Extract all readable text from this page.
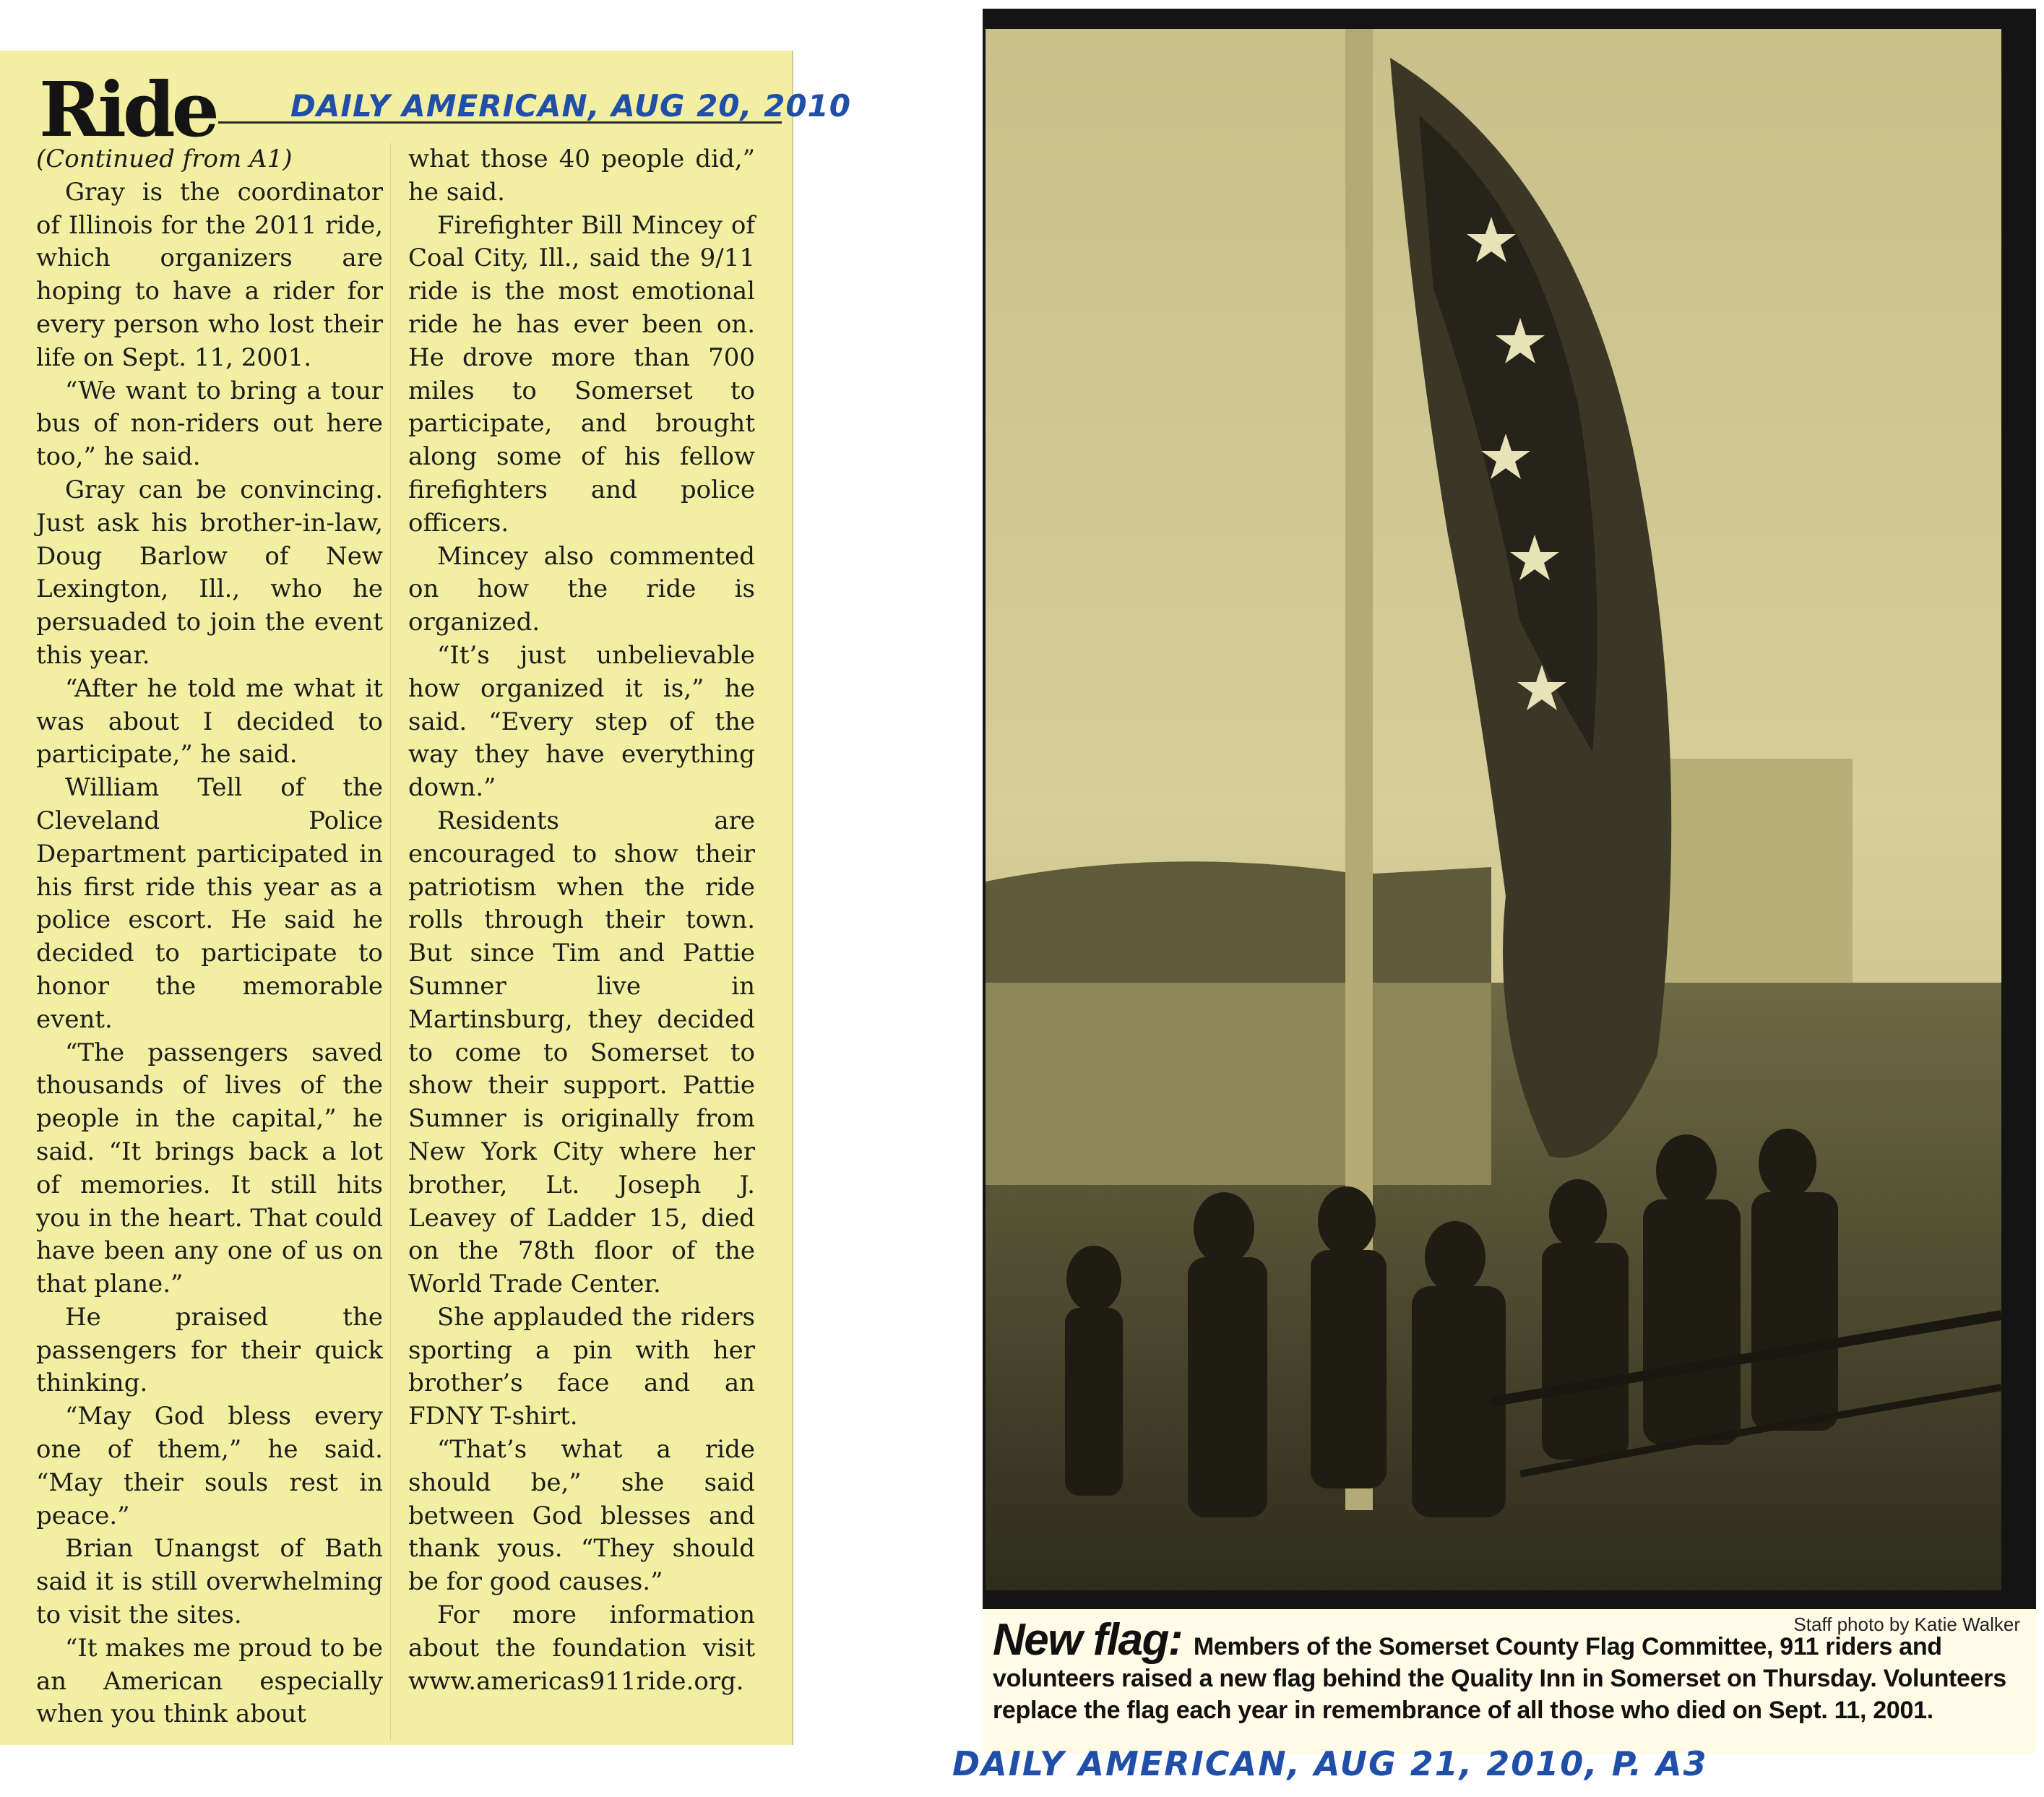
Ride DAILY AMERICAN, AUG 20, 2010

(Continued from A1)

Gray is the coordinator of Illinois for the 2011 ride, which organizers are hoping to have a rider for every person who lost their life on Sept. 11, 2001.

“We want to bring a tour bus of non-riders out here too,” he said.

Gray can be convincing. Just ask his brother-in-law, Doug Barlow of New Lexington, Ill., who he persuaded to join the event this year.

“After he told me what it was about I decided to participate,” he said.

William Tell of the Cleveland Police Department participated in his first ride this year as a police escort. He said he decided to participate to honor the memorable event.

“The passengers saved thousands of lives of the people in the capital,” he said. “It brings back a lot of memories. It still hits you in the heart. That could have been any one of us on that plane.”

He praised the passengers for their quick thinking.

“May God bless every one of them,” he said. “May their souls rest in peace.”

Brian Unangst of Bath said it is still overwhelming to visit the sites.

“It makes me proud to be an American especially when you think about

what those 40 people did,” he said.

Firefighter Bill Mincey of Coal City, Ill., said the 9/11 ride is the most emotional ride he has ever been on. He drove more than 700 miles to Somerset to participate, and brought along some of his fellow firefighters and police officers.

Mincey also commented on how the ride is organized.

“It’s just unbelievable how organized it is,” he said. “Every step of the way they have everything down.”

Residents are encouraged to show their patriotism when the ride rolls through their town. But since Tim and Pattie Sumner live in Martinsburg, they decided to come to Somerset to show their support. Pattie Sumner is originally from New York City where her brother, Lt. Joseph J. Leavey of Ladder 15, died on the 78th floor of the World Trade Center.

She applauded the riders sporting a pin with her brother’s face and an FDNY T-shirt.

“That’s what a ride should be,” she said between God blesses and thank yous. “They should be for good causes.”

For more information about the foundation visit www.americas911ride.org.

Staff photo by Katie Walker
New flag: Members of the Somerset County Flag Committee, 911 riders and volunteers raised a new flag behind the Quality Inn in Somerset on Thursday. Volunteers replace the flag each year in remembrance of all those who died on Sept. 11, 2001.
DAILY AMERICAN, AUG 21, 2010, P. A3
